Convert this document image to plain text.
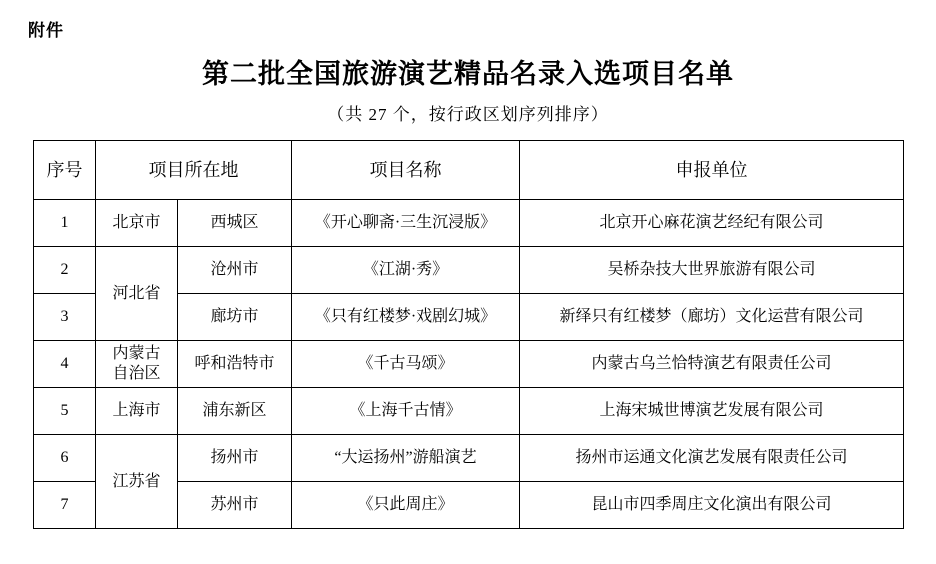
附件
第二批全国旅游演艺精品名录入选项目名单
（共 27 个，按行政区划序列排序）
序号	项目所在地		项目名称	申报单位
1	北京市	西城区	《开心聊斋·三生沉浸版》	北京开心麻花演艺经纪有限公司
2	河北省	沧州市	《江湖·秀》	吴桥杂技大世界旅游有限公司
3		廊坊市	《只有红楼梦·戏剧幻城》	新绎只有红楼梦（廊坊）文化运营有限公司
4	内蒙古
自治区	呼和浩特市	《千古马颂》	内蒙古乌兰恰特演艺有限责任公司
5	上海市	浦东新区	《上海千古情》	上海宋城世博演艺发展有限公司
6	江苏省	扬州市	“大运扬州”游船演艺	扬州市运通文化演艺发展有限责任公司
7		苏州市	《只此周庄》	昆山市四季周庄文化演出有限公司
